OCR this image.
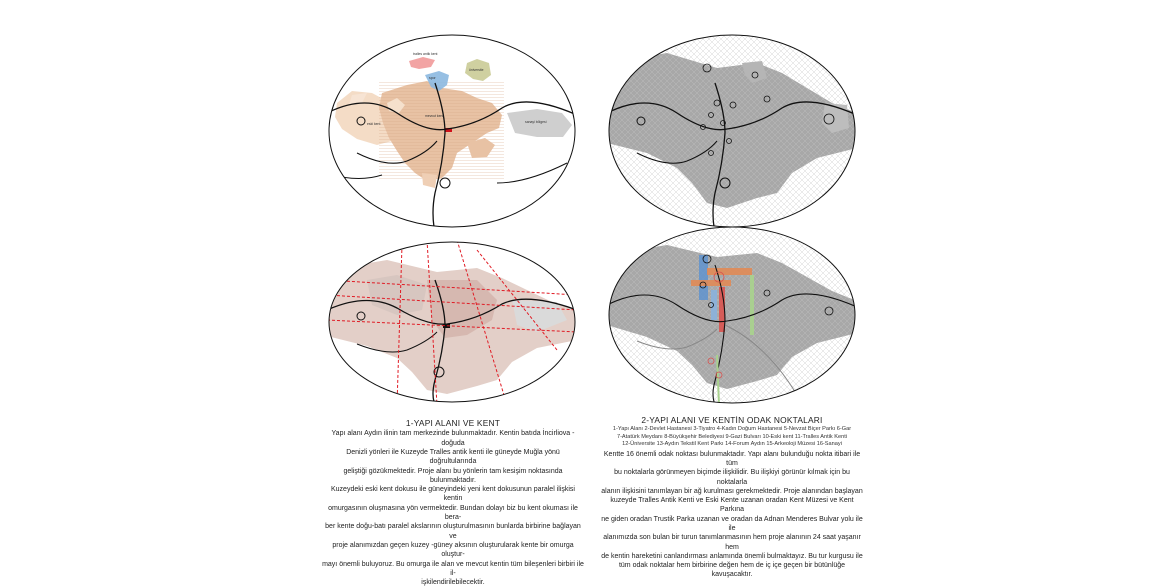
tralles antik kent
spor
üniversite
eski kent
mevcut kent
sanayi bölgesi
1-YAPI ALANI VE KENT
Yapı alanı Aydın ilinin tam merkezinde bulunmaktadır. Kentin batıda İncirliova - doğuda
Denizli yönleri ile Kuzeyde Tralles antik kenti ile güneyde Muğla yönü doğrultularında
geliştiği gözükmektedir. Proje alanı bu yönlerin tam kesişim noktasında bulunmaktadır.
Kuzeydeki eski kent dokusu ile güneyindeki yeni kent dokusunun paralel ilişkisi kentin
omurgasının oluşmasına yön vermektedir. Bundan dolayı biz bu kent okuması ile bera-
ber kente doğu-batı paralel akslarının oluşturulmasının bunlarda birbirine bağlayan ve
proje alanımızdan geçen kuzey -güney aksının oluşturularak kente bir omurga oluştur-
mayı önemli buluyoruz. Bu omurga ile alan ve mevcut kentin tüm bileşenleri birbiri ile il-
işkilendirilebilecektir.
2-YAPI ALANI VE KENTİN ODAK NOKTALARI
1-Yapı Alanı 2-Devlet Hastanesi 3-Tiyatro 4-Kadın Doğum Hastanesi 5-Nevzat Biçer Parkı 6-Gar
7-Atatürk Meydanı 8-Büyükşehir Belediyesi 9-Gazi Bulvarı 10-Eski kent 11-Tralles Antik Kenti
12-Üniversite 13-Aydın Tekstil Kent Parkı 14-Forum Aydın 15-Arkeoloji Müzesi 16-Sanayi
Kentte 16 önemli odak noktası bulunmaktadır. Yapı alanı bulunduğu nokta itibari ile tüm
bu noktalarla görünmeyen biçimde ilişkilidir. Bu ilişkiyi görünür kılmak için bu noktalarla
alanın ilişkisini tanımlayan bir ağ kurulması gerekmektedir. Proje alanından başlayan
kuzeyde Tralles Antik Kenti ve Eski Kente uzanan oradan Kent Müzesi ve Kent Parkına
ne giden oradan Trustik Parka uzanan ve oradan da Adnan Menderes Bulvar yolu ile ile
alanımızda son bulan bir turun tanımlanmasının hem proje alanının 24 saat yaşanır hem
de kentin hareketini canlandırması anlamında önemli bulmaktayız. Bu tur kurgusu ile
tüm odak noktalar hem birbirine değen hem de iç içe geçen bir bütünlüğe kavuşacaktır.
